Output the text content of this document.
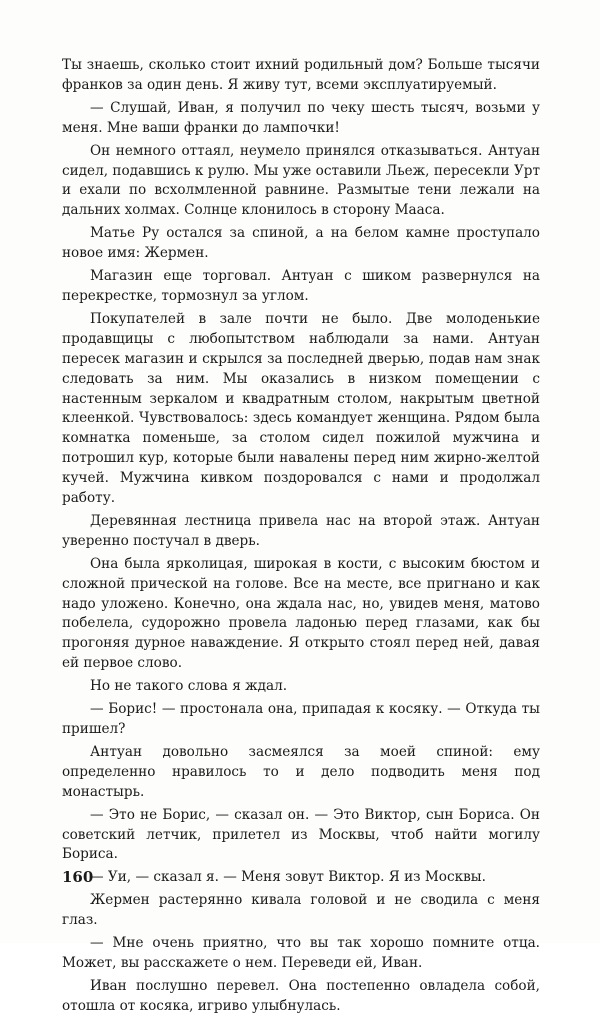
Ты знаешь, сколько стоит ихний родильный дом? Больше тысячи франков за один день. Я живу тут, всеми эксплуатируемый.

— Слушай, Иван, я получил по чеку шесть тысяч, возьми у меня. Мне ваши франки до лампочки!

Он немного оттаял, неумело принялся отказываться. Антуан сидел, подавшись к рулю. Мы уже оставили Льеж, пересекли Урт и ехали по всхолмленной равнине. Размытые тени лежали на дальних холмах. Солнце клонилось в сторону Мааса.

Матье Ру остался за спиной, а на белом камне проступало новое имя: Жермен.

Магазин еще торговал. Антуан с шиком развернулся на перекрестке, тормознул за углом.

Покупателей в зале почти не было. Две молоденькие продавщицы с любопытством наблюдали за нами. Антуан пересек магазин и скрылся за последней дверью, подав нам знак следовать за ним. Мы оказались в низком помещении с настенным зеркалом и квадратным столом, накрытым цветной клеенкой. Чувствовалось: здесь командует женщина. Рядом была комнатка поменьше, за столом сидел пожилой мужчина и потрошил кур, которые были навалены перед ним жирно-желтой кучей. Мужчина кивком поздоровался с нами и продолжал работу.

Деревянная лестница привела нас на второй этаж. Антуан уверенно постучал в дверь.

Она была ярколицая, широкая в кости, с высоким бюстом и сложной прической на голове. Все на месте, все пригнано и как надо уложено. Конечно, она ждала нас, но, увидев меня, матово побелела, судорожно провела ладонью перед глазами, как бы прогоняя дурное наваждение. Я открыто стоял перед ней, давая ей первое слово.

Но не такого слова я ждал.

— Борис! — простонала она, припадая к косяку. — Откуда ты пришел?

Антуан довольно засмеялся за моей спиной: ему определенно нравилось то и дело подводить меня под монастырь.

— Это не Борис, — сказал он. — Это Виктор, сын Бориса. Он советский летчик, прилетел из Москвы, чтоб найти могилу Бориса.

— Уи, — сказал я. — Меня зовут Виктор. Я из Москвы.

Жермен растерянно кивала головой и не сводила с меня глаз.

— Мне очень приятно, что вы так хорошо помните отца. Может, вы расскажете о нем. Переведи ей, Иван.

Иван послушно перевел. Она постепенно овладела собой, отошла от косяка, игриво улыбнулась.

160
